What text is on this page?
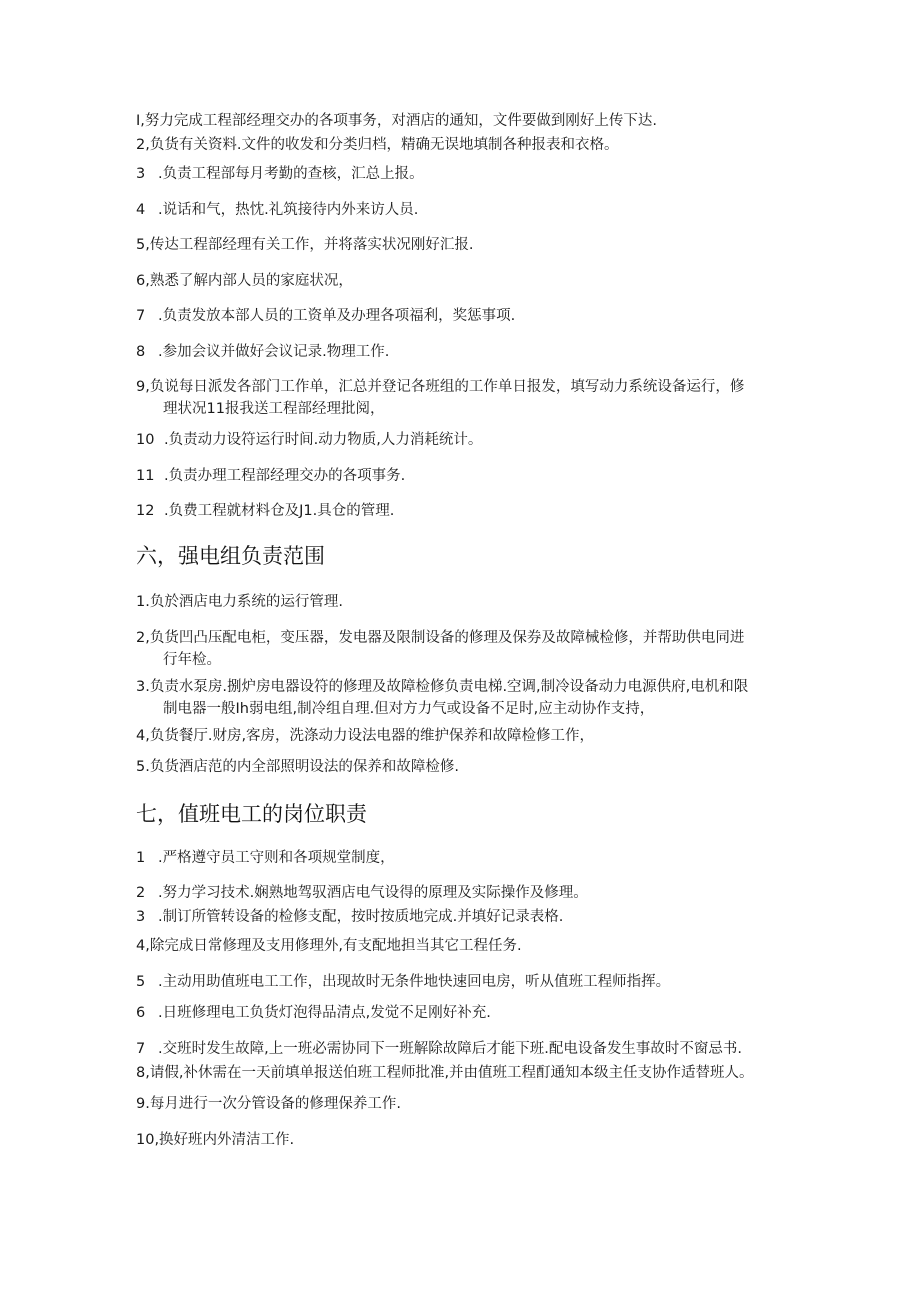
I,努力完成工程部经理交办的各项事务，对酒店的通知，文件要做到刚好上传下达.
2,负货有关资料.文件的收发和分类归档，精确无误地填制各种报表和衣格。
3 .负责工程部每月考勤的查核，汇总上报。
4 .说话和气，热忱.礼筑接待内外来访人员.
5,传达工程部经理有关工作，并将落实状况刚好汇报.
6,熟悉了解内部人员的家庭状况，
7 .负责发放本部人员的工资单及办理各项福利，奖惩事项.
8 .参加会议并做好会议记录.物理工作.
9,负说每日派发各部门工作单，汇总并登记各班组的工作单日报发，填写动力系统设备运行，修
理状况11报我送工程部经理批阅，
10 .负责动力设符运行时间.动力物质,人力消耗统计。
11 .负责办理工程部经理交办的各项事务.
12 .负费工程就材料仓及J1.具仓的管理.
六，强电组负责范围
1.负於酒店电力系统的运行管理.
2,负货凹凸压配电柜，变压器，发电器及限制设备的修理及保券及故障械检修，并帮助供电同进
行年检。
3.负责水泵房.捌炉房电器设符的修理及故障检修负责电梯.空调,制冷设备动力电源供府,电机和限
制电器一般Ih弱电组,制冷组自理.但对方力气或设备不足时,应主动协作支持，
4,负货餐厅.财房,客房，洗涤动力设法电器的维护保养和故障检修工作，
5.负货酒店范的内全部照明设法的保养和故障检修.
七，值班电工的岗位职责
1 .严格遵守员工守则和各项规堂制度，
2 .努力学习技术.娴熟地驾驭酒店电气设得的原理及实际操作及修理。
3 .制订所管转设备的检修支配，按时按质地完成.并填好记录表格.
4,除完成日常修理及支用修理外,有支配地担当其它工程任务.
5 .主动用助值班电工工作，出现故时无条件地快速回电房，听从值班工程师指挥。
6 .日班修理电工负货灯泡得品清点,发觉不足刚好补充.
7 .交班时发生故障,上一班必需协同下一班解除故障后才能下班.配电设备发生事故时不窗忌书.
8,请假,补休需在一天前填单报送伯班工程师批准,并由值班工程酊通知本级主任支协作适替班人。
9.每月进行一次分管设备的修理保养工作.
10,换好班内外清洁工作.
